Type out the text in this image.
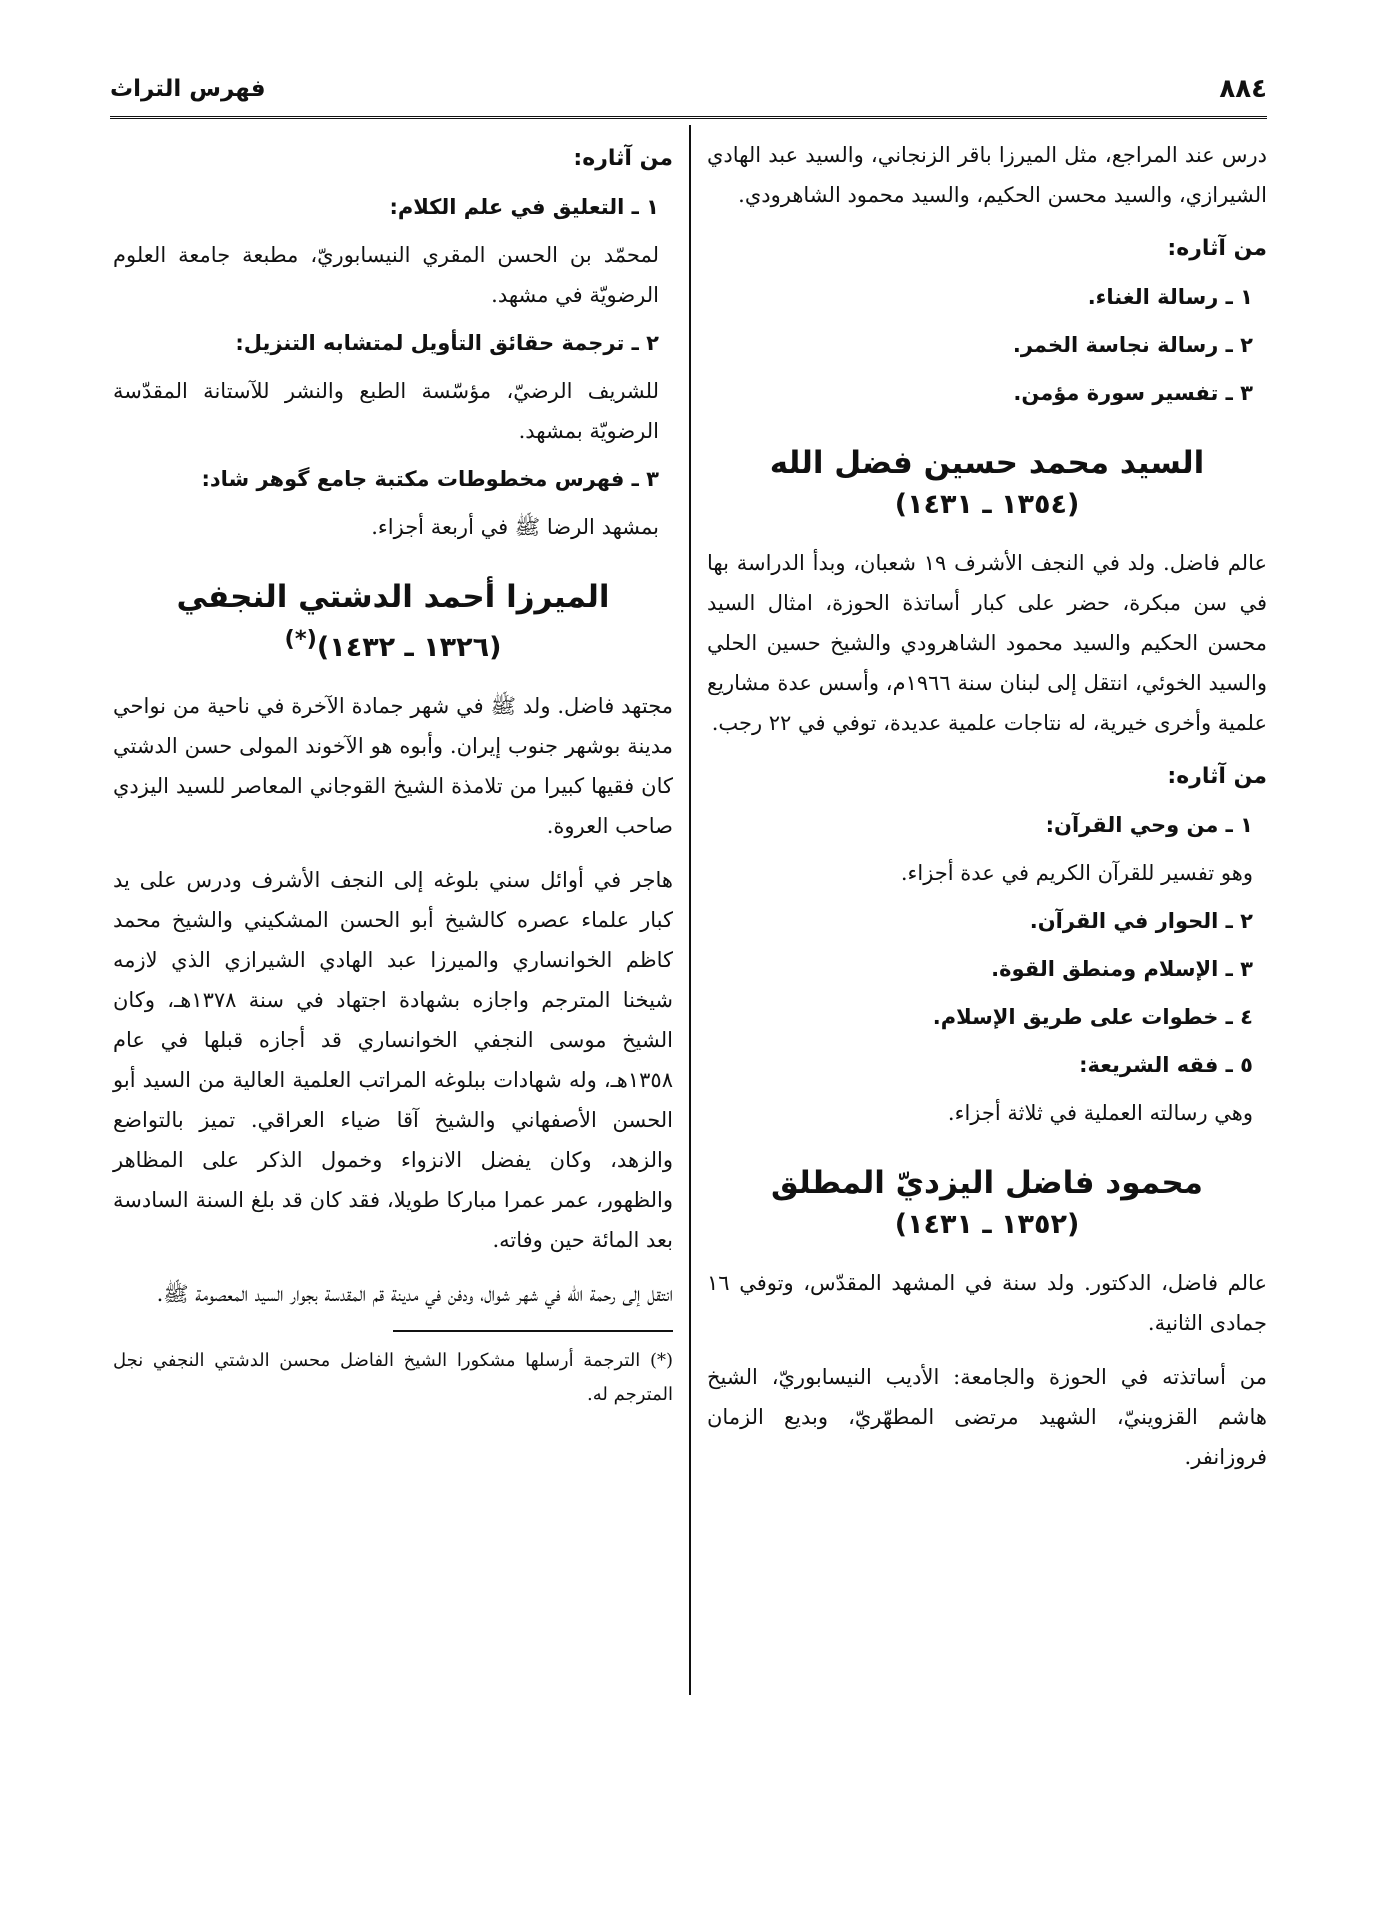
٨٨٤
فهرس التراث

درس عند المراجع، مثل الميرزا باقر الزنجاني، والسيد عبد الهادي الشيرازي، والسيد محسن الحكيم، والسيد محمود الشاهرودي.

من آثاره:

١ ـ رسالة الغناء.

٢ ـ رسالة نجاسة الخمر.

٣ ـ تفسير سورة مؤمن.

السيد محمد حسين فضل الله
(١٣٥٤ ـ ١٤٣١)

عالم فاضل. ولد في النجف الأشرف ١٩ شعبان، وبدأ الدراسة بها في سن مبكرة، حضر على كبار أساتذة الحوزة، امثال السيد محسن الحكيم والسيد محمود الشاهرودي والشيخ حسين الحلي والسيد الخوئي، انتقل إلى لبنان سنة ١٩٦٦م، وأسس عدة مشاريع علمية وأخرى خيرية، له نتاجات علمية عديدة، توفي في ٢٢ رجب.

من آثاره:

١ ـ من وحي القرآن:

وهو تفسير للقرآن الكريم في عدة أجزاء.

٢ ـ الحوار في القرآن.

٣ ـ الإسلام ومنطق القوة.

٤ ـ خطوات على طريق الإسلام.

٥ ـ فقه الشريعة:

وهي رسالته العملية في ثلاثة أجزاء.

محمود فاضل اليزديّ المطلق
(١٣٥٢ ـ ١٤٣١)

عالم فاضل، الدكتور. ولد سنة في المشهد المقدّس، وتوفي ١٦ جمادى الثانية.

من أساتذته في الحوزة والجامعة: الأديب النيسابوريّ، الشيخ هاشم القزوينيّ، الشهيد مرتضى المطهّريّ، وبديع الزمان فروزانفر.

من آثاره:

١ ـ التعليق في علم الكلام:

لمحمّد بن الحسن المقري النيسابوريّ، مطبعة جامعة العلوم الرضويّة في مشهد.

٢ ـ ترجمة حقائق التأويل لمتشابه التنزيل:

للشريف الرضيّ، مؤسّسة الطبع والنشر للآستانة المقدّسة الرضويّة بمشهد.

٣ ـ فهرس مخطوطات مكتبة جامع گوهر شاد:

بمشهد الرضا ﷺ في أربعة أجزاء.

الميرزا أحمد الدشتي النجفي
(١٣٢٦ ـ ١٤٣٢)(*)

مجتهد فاضل. ولد ﷺ في شهر جمادة الآخرة في ناحية من نواحي مدينة بوشهر جنوب إيران. وأبوه هو الآخوند المولى حسن الدشتي كان فقيها كبيرا من تلامذة الشيخ القوجاني المعاصر للسيد اليزدي صاحب العروة.

هاجر في أوائل سني بلوغه إلى النجف الأشرف ودرس على يد كبار علماء عصره كالشيخ أبو الحسن المشكيني والشيخ محمد كاظم الخوانساري والميرزا عبد الهادي الشيرازي الذي لازمه شيخنا المترجم واجازه بشهادة اجتهاد في سنة ١٣٧٨هـ، وكان الشيخ موسى النجفي الخوانساري قد أجازه قبلها في عام ١٣٥٨هـ، وله شهادات ببلوغه المراتب العلمية العالية من السيد أبو الحسن الأصفهاني والشيخ آقا ضياء العراقي. تميز بالتواضع والزهد، وكان يفضل الانزواء وخمول الذكر على المظاهر والظهور، عمر عمرا مباركا طويلا، فقد كان قد بلغ السنة السادسة بعد المائة حين وفاته.

انتقل إلى رحمة الله في شهر شوال، ودفن في مدينة قم المقدسة بجوار السيد المعصومة ﷺ.

(*) الترجمة أرسلها مشكورا الشيخ الفاضل محسن الدشتي النجفي نجل المترجم له.
